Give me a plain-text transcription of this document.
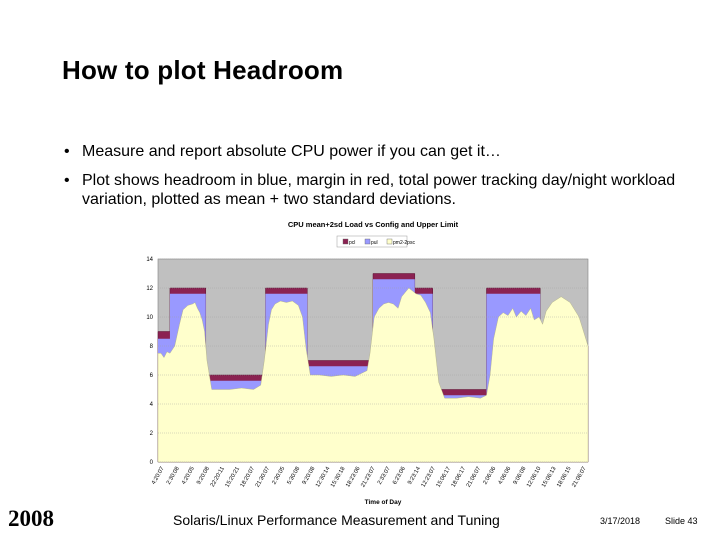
How to plot Headroom
• Measure and report absolute CPU power if you can get it…
• Plot shows headroom in blue, margin in red, total power tracking day/night workload variation, plotted as mean + two standard deviations.
CPU mean+2sd Load vs Config and Upper Limit
pcl	pul	pm2-2psc
0
2
4
6
8
10
12
14
4:20:07 2:30:08 4:20:05 9:20:08
22:20:11
15:20:21
18:20:07
21:30:07 2:30:05 5:30:08 9:20:08
12:30:14
15:30:18
18:23:06
21:23:07 2:33:07 6:23:06 9:23:14
12:23:07
15:06:17
18:06:17
21:06:07 2:06:06 4:06:06 9:06:08
12:06:10
15:06:13
18:06:15
21:06:07
Time of Day
2008	Solaris/Linux Performance Measurement and Tuning	3/17/2018	Slide 43
